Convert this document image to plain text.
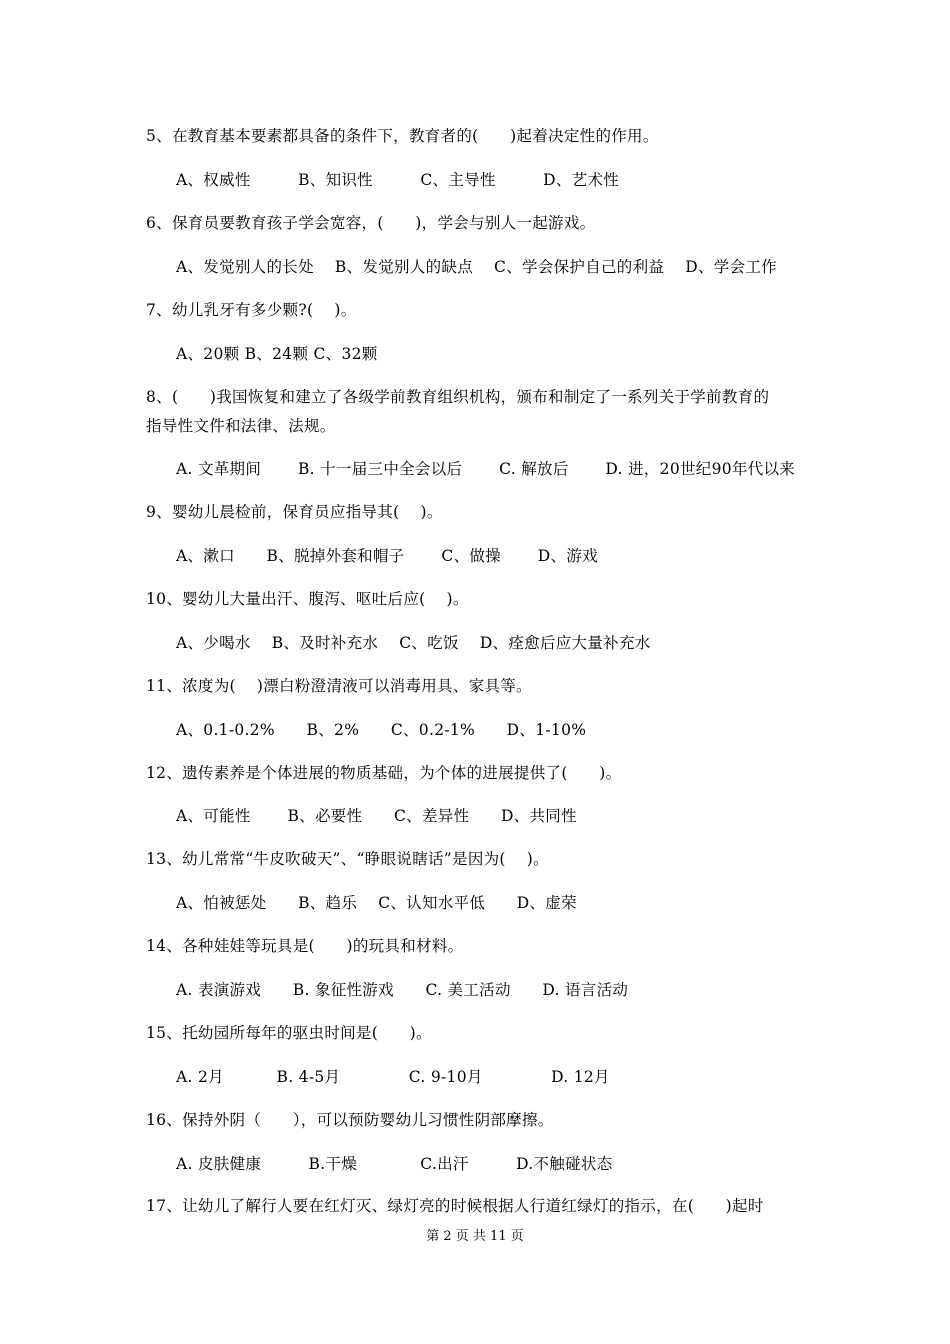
5、在教育基本要素都具备的条件下，教育者的(　　)起着决定性的作用。
A、权威性　　　B、知识性　　　C、主导性　　　D、艺术性
6、保育员要教育孩子学会宽容，(　　)，学会与别人一起游戏。
A、发觉别人的长处　 B、发觉别人的缺点　 C、学会保护自己的利益　 D、学会工作
7、幼儿乳牙有多少颗?(　 )。
A、20颗 B、24颗 C、32颗
8、(　　)我国恢复和建立了各级学前教育组织机构，颁布和制定了一系列关于学前教育的
指导性文件和法律、法规。
A. 文革期间　　 B. 十一届三中全会以后　　 C. 解放后　　 D. 进，20世纪90年代以来
9、婴幼儿晨检前，保育员应指导其(　 )。
A、漱口　　B、脱掉外套和帽子　　 C、做操　　 D、游戏
10、婴幼儿大量出汗、腹泻、呕吐后应(　 )。
A、少喝水　 B、及时补充水　 C、吃饭　 D、痊愈后应大量补充水
11、浓度为(　 )漂白粉澄清液可以消毒用具、家具等。
A、0.1-0.2%　　B、2%　　C、0.2-1%　　D、1-10%
12、遗传素养是个体进展的物质基础，为个体的进展提供了(　　)。
A、可能性　　 B、必要性　　C、差异性　　D、共同性
13、幼儿常常“牛皮吹破天”、“睁眼说瞎话”是因为(　 )。
A、怕被惩处　　B、趋乐　 C、认知水平低　　D、虚荣
14、各种娃娃等玩具是(　　)的玩具和材料。
A. 表演游戏　　B. 象征性游戏　　C. 美工活动　　D. 语言活动
15、托幼园所每年的驱虫时间是(　　)。
A. 2月　　　 B. 4-5月　　　　 C. 9-10月　　　　 D. 12月
16、保持外阴（　　），可以预防婴幼儿习惯性阴部摩擦。
A. 皮肤健康　　　B.干燥　　　　C.出汗　　　D.不触碰状态
17、让幼儿了解行人要在红灯灭、绿灯亮的时候根据人行道红绿灯的指示，在(　　)起时
第 2 页 共 11 页
